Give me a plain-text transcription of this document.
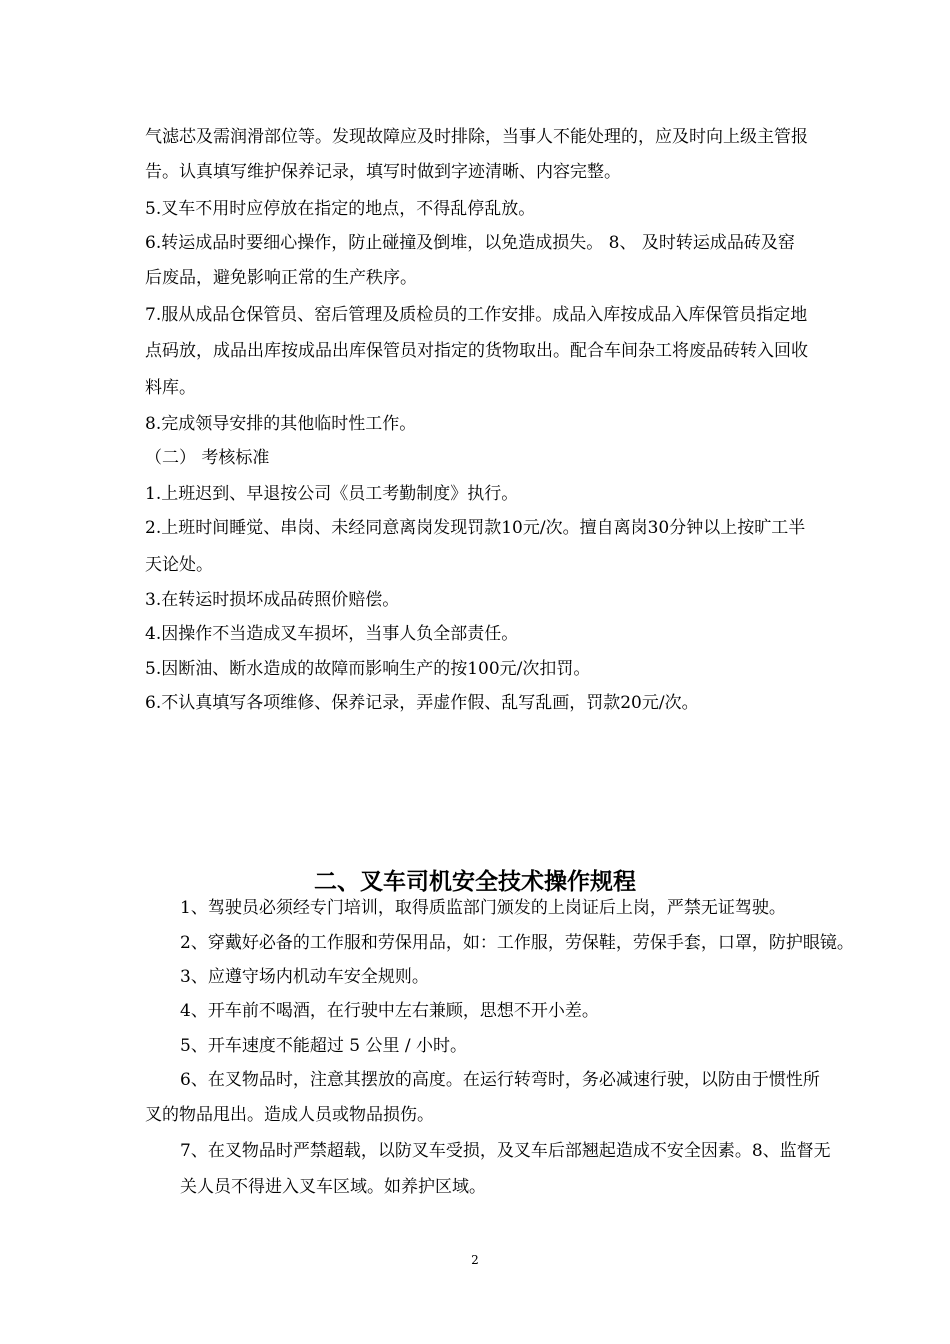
气滤芯及需润滑部位等。发现故障应及时排除，当事人不能处理的，应及时向上级主管报
告。认真填写维护保养记录，填写时做到字迹清晰、内容完整。
5.叉车不用时应停放在指定的地点，不得乱停乱放。
6.转运成品时要细心操作，防止碰撞及倒堆，以免造成损失。 8、 及时转运成品砖及窑
后废品，避免影响正常的生产秩序。
7.服从成品仓保管员、窑后管理及质检员的工作安排。成品入库按成品入库保管员指定地
点码放，成品出库按成品出库保管员对指定的货物取出。配合车间杂工将废品砖转入回收
料库。
8.完成领导安排的其他临时性工作。
（二） 考核标准
1.上班迟到、早退按公司《员工考勤制度》执行。
2.上班时间睡觉、串岗、未经同意离岗发现罚款10元/次。擅自离岗30分钟以上按旷工半
天论处。
3.在转运时损坏成品砖照价赔偿。
4.因操作不当造成叉车损坏，当事人负全部责任。
5.因断油、断水造成的故障而影响生产的按100元/次扣罚。
6.不认真填写各项维修、保养记录，弄虚作假、乱写乱画，罚款20元/次。
二、叉车司机安全技术操作规程
1、驾驶员必须经专门培训，取得质监部门颁发的上岗证后上岗，严禁无证驾驶。
2、穿戴好必备的工作服和劳保用品，如：工作服，劳保鞋，劳保手套，口罩，防护眼镜。
3、应遵守场内机动车安全规则。
4、开车前不喝酒，在行驶中左右兼顾，思想不开小差。
5、开车速度不能超过 5 公里 / 小时。
6、在叉物品时，注意其摆放的高度。在运行转弯时，务必减速行驶，以防由于惯性所
叉的物品甩出。造成人员或物品损伤。
7、在叉物品时严禁超载，以防叉车受损，及叉车后部翘起造成不安全因素。8、监督无
关人员不得进入叉车区域。如养护区域。
2
